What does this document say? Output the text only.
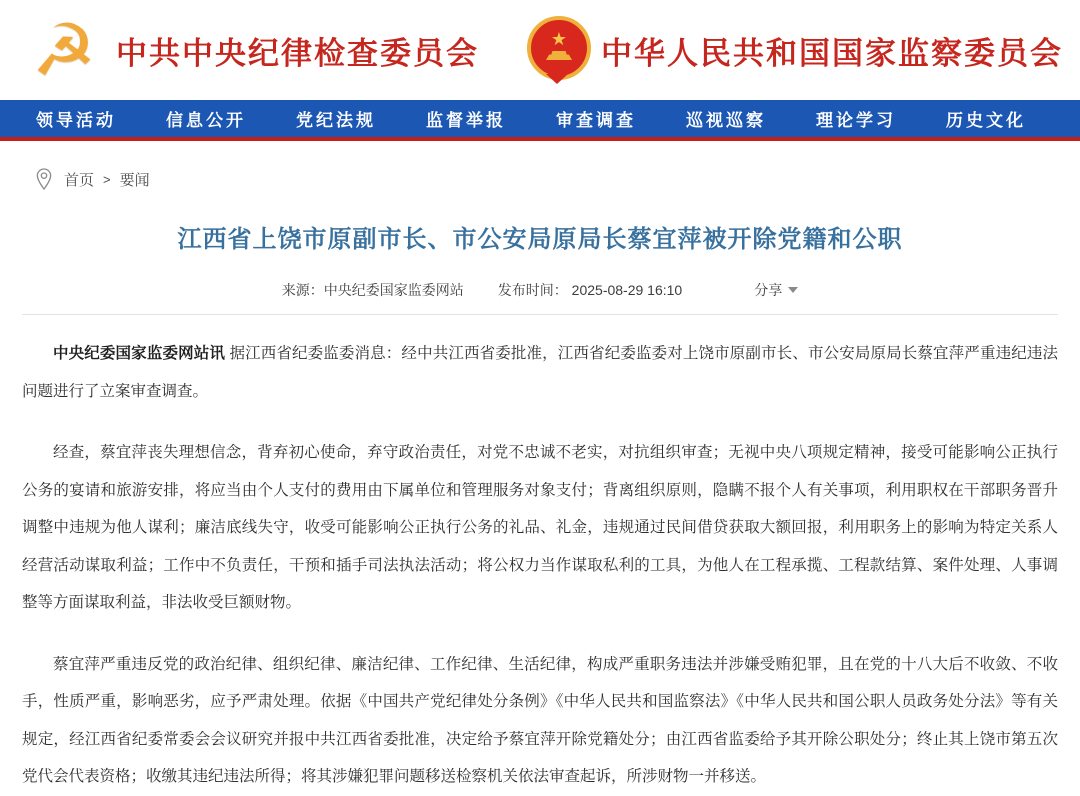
☭ 中共中央纪律检查委员会	★ 中华人民共和国国家监察委员会
领导活动	信息公开	党纪法规	监督举报	审查调查	巡视巡察	理论学习	历史文化
首页 > 要闻
江西省上饶市原副市长、市公安局原局长蔡宜萍被开除党籍和公职
来源：中央纪委国家监委网站 发布时间： 2025-08-29 16:10	分享

中央纪委国家监委网站讯 据江西省纪委监委消息：经中共江西省委批准，江西省纪委监委对上饶市原副市长、市公安局原局长蔡宜萍严重违纪违法问题进行了立案审查调查。

经查，蔡宜萍丧失理想信念，背弃初心使命，弃守政治责任，对党不忠诚不老实，对抗组织审查；无视中央八项规定精神，接受可能影响公正执行公务的宴请和旅游安排，将应当由个人支付的费用由下属单位和管理服务对象支付；背离组织原则，隐瞒不报个人有关事项，利用职权在干部职务晋升调整中违规为他人谋利；廉洁底线失守，收受可能影响公正执行公务的礼品、礼金，违规通过民间借贷获取大额回报，利用职务上的影响为特定关系人经营活动谋取利益；工作中不负责任，干预和插手司法执法活动；将公权力当作谋取私利的工具，为他人在工程承揽、工程款结算、案件处理、人事调整等方面谋取利益，非法收受巨额财物。

蔡宜萍严重违反党的政治纪律、组织纪律、廉洁纪律、工作纪律、生活纪律，构成严重职务违法并涉嫌受贿犯罪，且在党的十八大后不收敛、不收手，性质严重，影响恶劣，应予严肃处理。依据《中国共产党纪律处分条例》《中华人民共和国监察法》《中华人民共和国公职人员政务处分法》等有关规定，经江西省纪委常委会会议研究并报中共江西省委批准，决定给予蔡宜萍开除党籍处分；由江西省监委给予其开除公职处分；终止其上饶市第五次党代会代表资格；收缴其违纪违法所得；将其涉嫌犯罪问题移送检察机关依法审查起诉，所涉财物一并移送。
